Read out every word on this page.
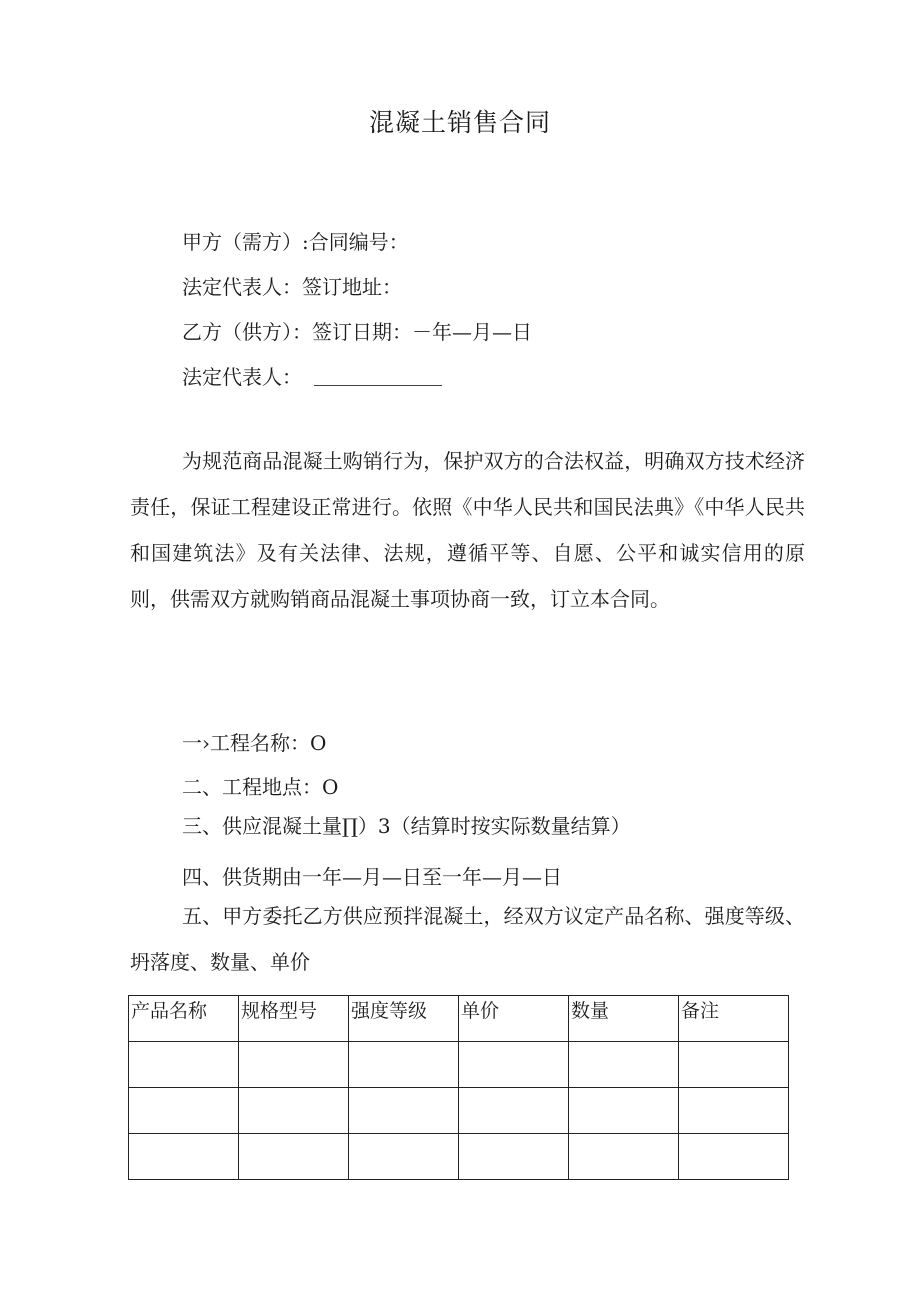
混凝土销售合同
甲方（需方）:合同编号：
法定代表人：签订地址：
乙方（供方）：签订日期：－年—月—日
法定代表人：
为规范商品混凝土购销行为，保护双方的合法权益，明确双方技术经济责任，保证工程建设正常进行。依照《中华人民共和国民法典》《中华人民共和国建筑法》及有关法律、法规，遵循平等、自愿、公平和诚实信用的原则，供需双方就购销商品混凝土事项协商一致，订立本合同。
一›工程名称：O
二、工程地点：O
三、供应混凝土量∏）3（结算时按实际数量结算）
四、供货期由一年—月—日至一年—月—日
五、甲方委托乙方供应预拌混凝土，经双方议定产品名称、强度等级、坍落度、数量、单价
产品名称	规格型号	强度等级	单价	数量	备注
